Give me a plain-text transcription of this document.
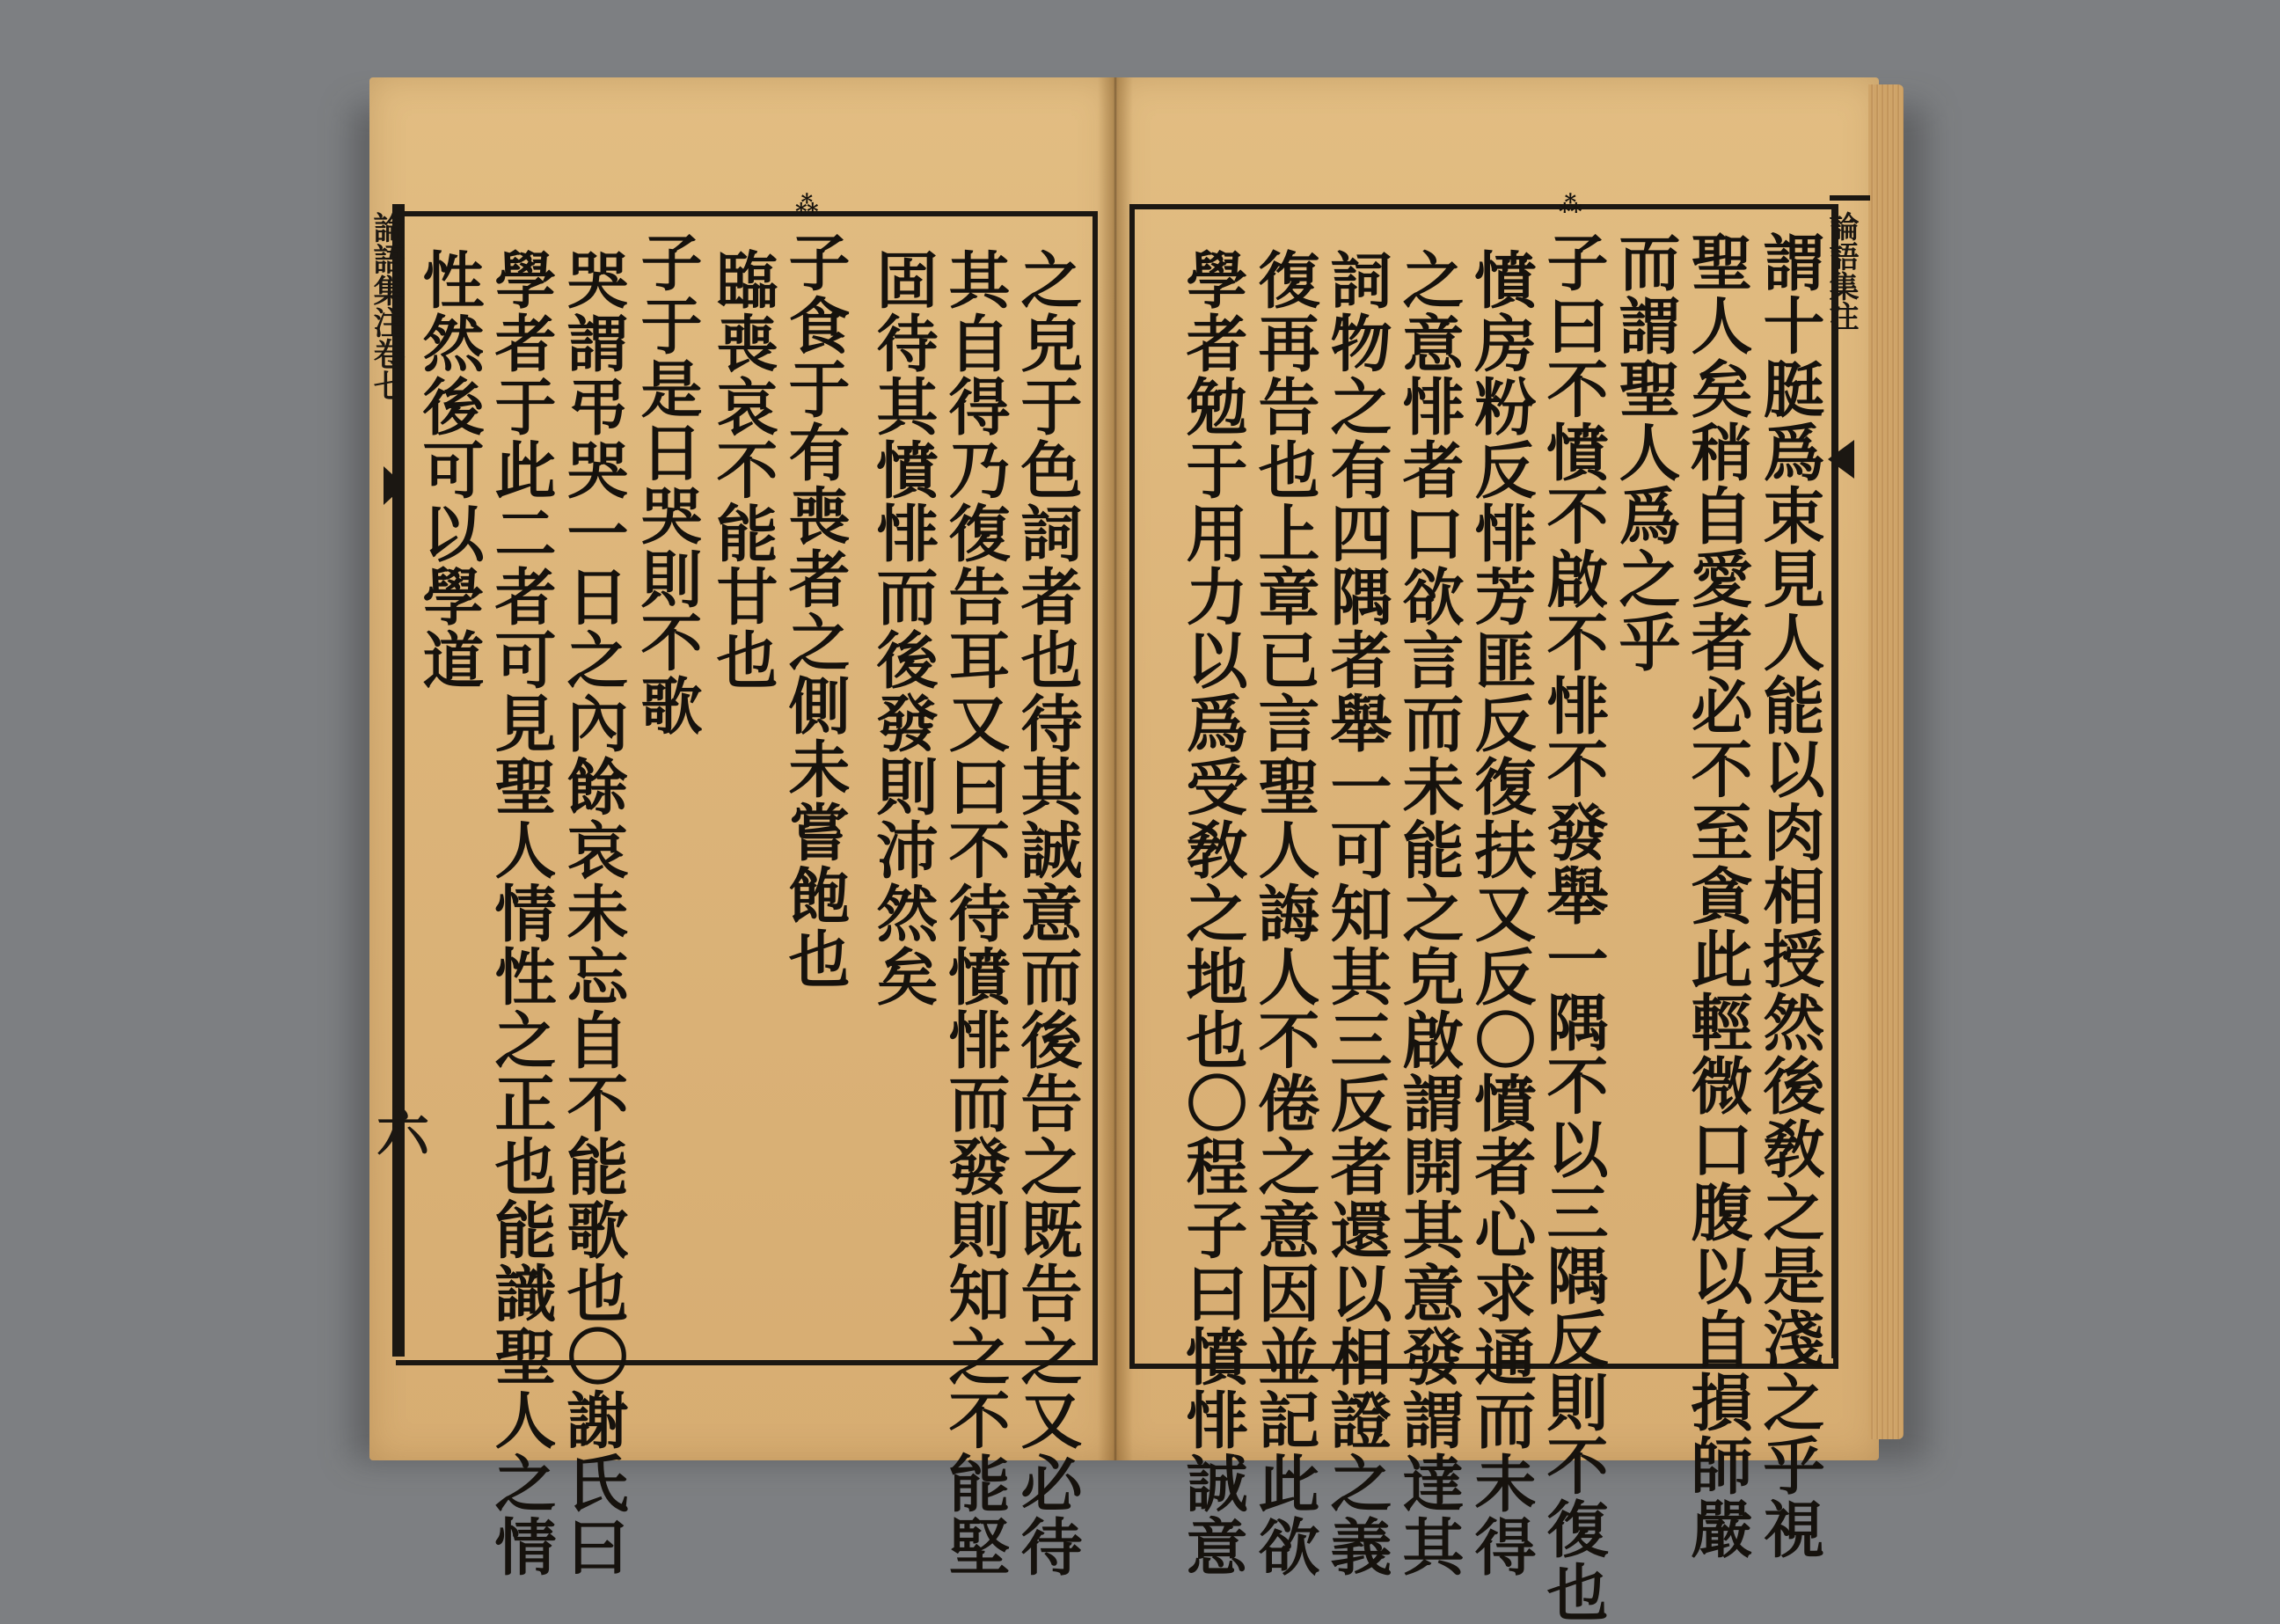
論語集注
論語集注卷七
六	謂十脡爲束見人能以肉相授然後敎之是淺之乎視
聖人矣稍自愛者必不至貪此輕微口腹以自損師嚴
而謂聖人爲之乎
子曰不憤不啟不悱不發舉一隅不以三隅反則不復也
憤房粉反悱芳匪反復扶又反〇憤者心求通而未得
之意悱者口欲言而未能之皃啟謂開其意發謂達其
詞物之有四隅者舉一可知其三反者還以相證之義
復再告也上章已言聖人誨人不倦之意因並記此欲
學者勉于用力以爲受敎之地也〇程子曰憤悱誠意
⁂
⁂
之皃于色詞者也待其誠意而後告之既告之又必待
其自得乃復告耳又曰不待憤悱而發則知之不能堅
固待其憤悱而後發則沛然矣
子食于有喪者之側未嘗飽也
臨喪哀不能甘也
子于是日哭則不歌
哭謂弔哭一日之內餘哀未忘自不能歌也〇謝氏曰
學者于此二者可見聖人情性之正也能識聖人之情
性然後可以學道
